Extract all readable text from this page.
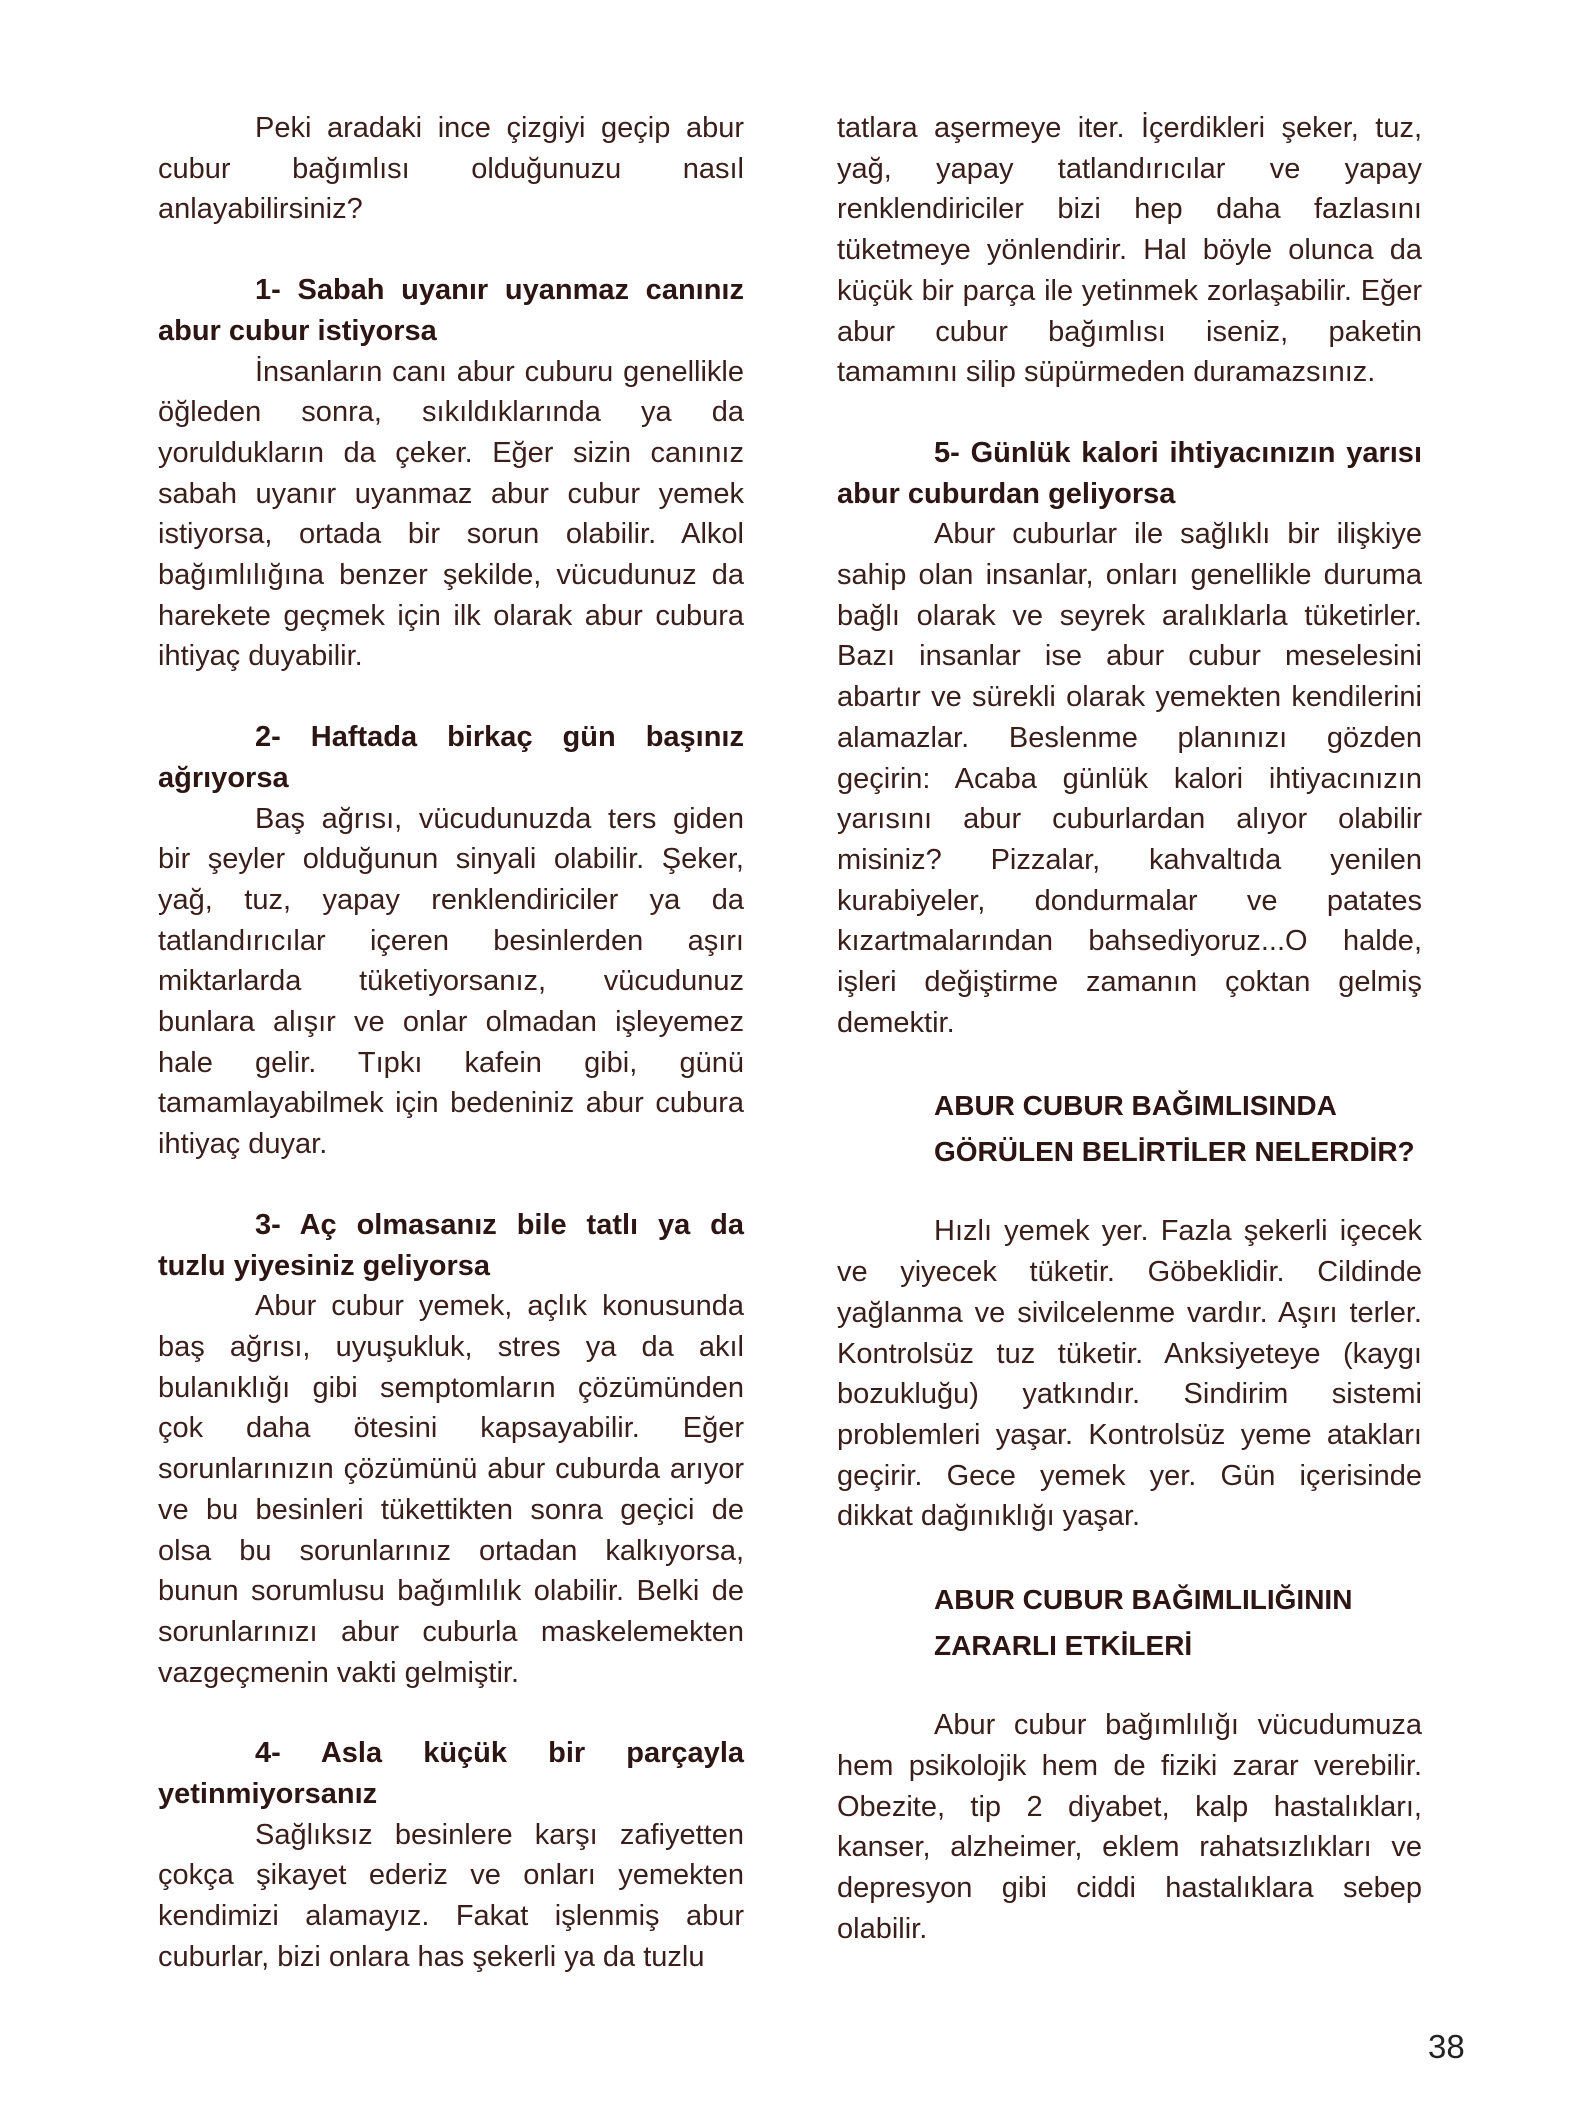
Peki aradaki ince çizgiyi geçip abur cubur bağımlısı olduğunuzu nasıl anlayabilirsiniz?

1- Sabah uyanır uyanmaz canınız abur cubur istiyorsa

İnsanların canı abur cuburu genellikle öğleden sonra, sıkıldıklarında ya da yoruldukların da çeker. Eğer sizin canınız sabah uyanır uyanmaz abur cubur yemek istiyorsa, ortada bir sorun olabilir. Alkol bağımlılığına benzer şekilde, vücudunuz da harekete geçmek için ilk olarak abur cubura ihtiyaç duyabilir.

2- Haftada birkaç gün başınız ağrıyorsa

Baş ağrısı, vücudunuzda ters giden bir şeyler olduğunun sinyali olabilir. Şeker, yağ, tuz, yapay renklendiriciler ya da tatlandırıcılar içeren besinlerden aşırı miktarlarda tüketiyorsanız, vücudunuz bunlara alışır ve onlar olmadan işleyemez hale gelir. Tıpkı kafein gibi, günü tamamlayabilmek için bedeniniz abur cubura ihtiyaç duyar.

3- Aç olmasanız bile tatlı ya da tuzlu yiyesiniz geliyorsa

Abur cubur yemek, açlık konusunda baş ağrısı, uyuşukluk, stres ya da akıl bulanıklığı gibi semptomların çözümünden çok daha ötesini kapsayabilir. Eğer sorunlarınızın çözümünü abur cuburda arıyor ve bu besinleri tükettikten sonra geçici de olsa bu sorunlarınız ortadan kalkıyorsa, bunun sorumlusu bağımlılık olabilir. Belki de sorunlarınızı abur cuburla maskelemekten vazgeçmenin vakti gelmiştir.

4- Asla küçük bir parçayla yetinmiyorsanız

Sağlıksız besinlere karşı zafiyetten çokça şikayet ederiz ve onları yemekten kendimizi alamayız. Fakat işlenmiş abur cuburlar, bizi onlara has şekerli ya da tuzlu

tatlara aşermeye iter. İçerdikleri şeker, tuz, yağ, yapay tatlandırıcılar ve yapay renklendiriciler bizi hep daha fazlasını tüketmeye yönlendirir. Hal böyle olunca da küçük bir parça ile yetinmek zorlaşabilir. Eğer abur cubur bağımlısı iseniz, paketin tamamını silip süpürmeden duramazsınız.

5- Günlük kalori ihtiyacınızın yarısı abur cuburdan geliyorsa

Abur cuburlar ile sağlıklı bir ilişkiye sahip olan insanlar, onları genellikle duruma bağlı olarak ve seyrek aralıklarla tüketirler. Bazı insanlar ise abur cubur meselesini abartır ve sürekli olarak yemekten kendilerini alamazlar. Beslenme planınızı gözden geçirin: Acaba günlük kalori ihtiyacınızın yarısını abur cuburlardan alıyor olabilir misiniz? Pizzalar, kahvaltıda yenilen kurabiyeler, dondurmalar ve patates kızartmalarından bahsediyoruz...O halde, işleri değiştirme zamanın çoktan gelmiş demektir.

ABUR CUBUR BAĞIMLISINDA
GÖRÜLEN BELİRTİLER NELERDİR?

Hızlı yemek yer. Fazla şekerli içecek ve yiyecek tüketir. Göbeklidir. Cildinde yağlanma ve sivilcelenme vardır. Aşırı terler. Kontrolsüz tuz tüketir. Anksiyeteye (kaygı bozukluğu) yatkındır. Sindirim sistemi problemleri yaşar. Kontrolsüz yeme atakları geçirir. Gece yemek yer. Gün içerisinde dikkat dağınıklığı yaşar.

ABUR CUBUR BAĞIMLILIĞININ
ZARARLI ETKİLERİ

Abur cubur bağımlılığı vücudumuza hem psikolojik hem de fiziki zarar verebilir. Obezite, tip 2 diyabet, kalp hastalıkları, kanser, alzheimer, eklem rahatsızlıkları ve depresyon gibi ciddi hastalıklara sebep olabilir.

38
